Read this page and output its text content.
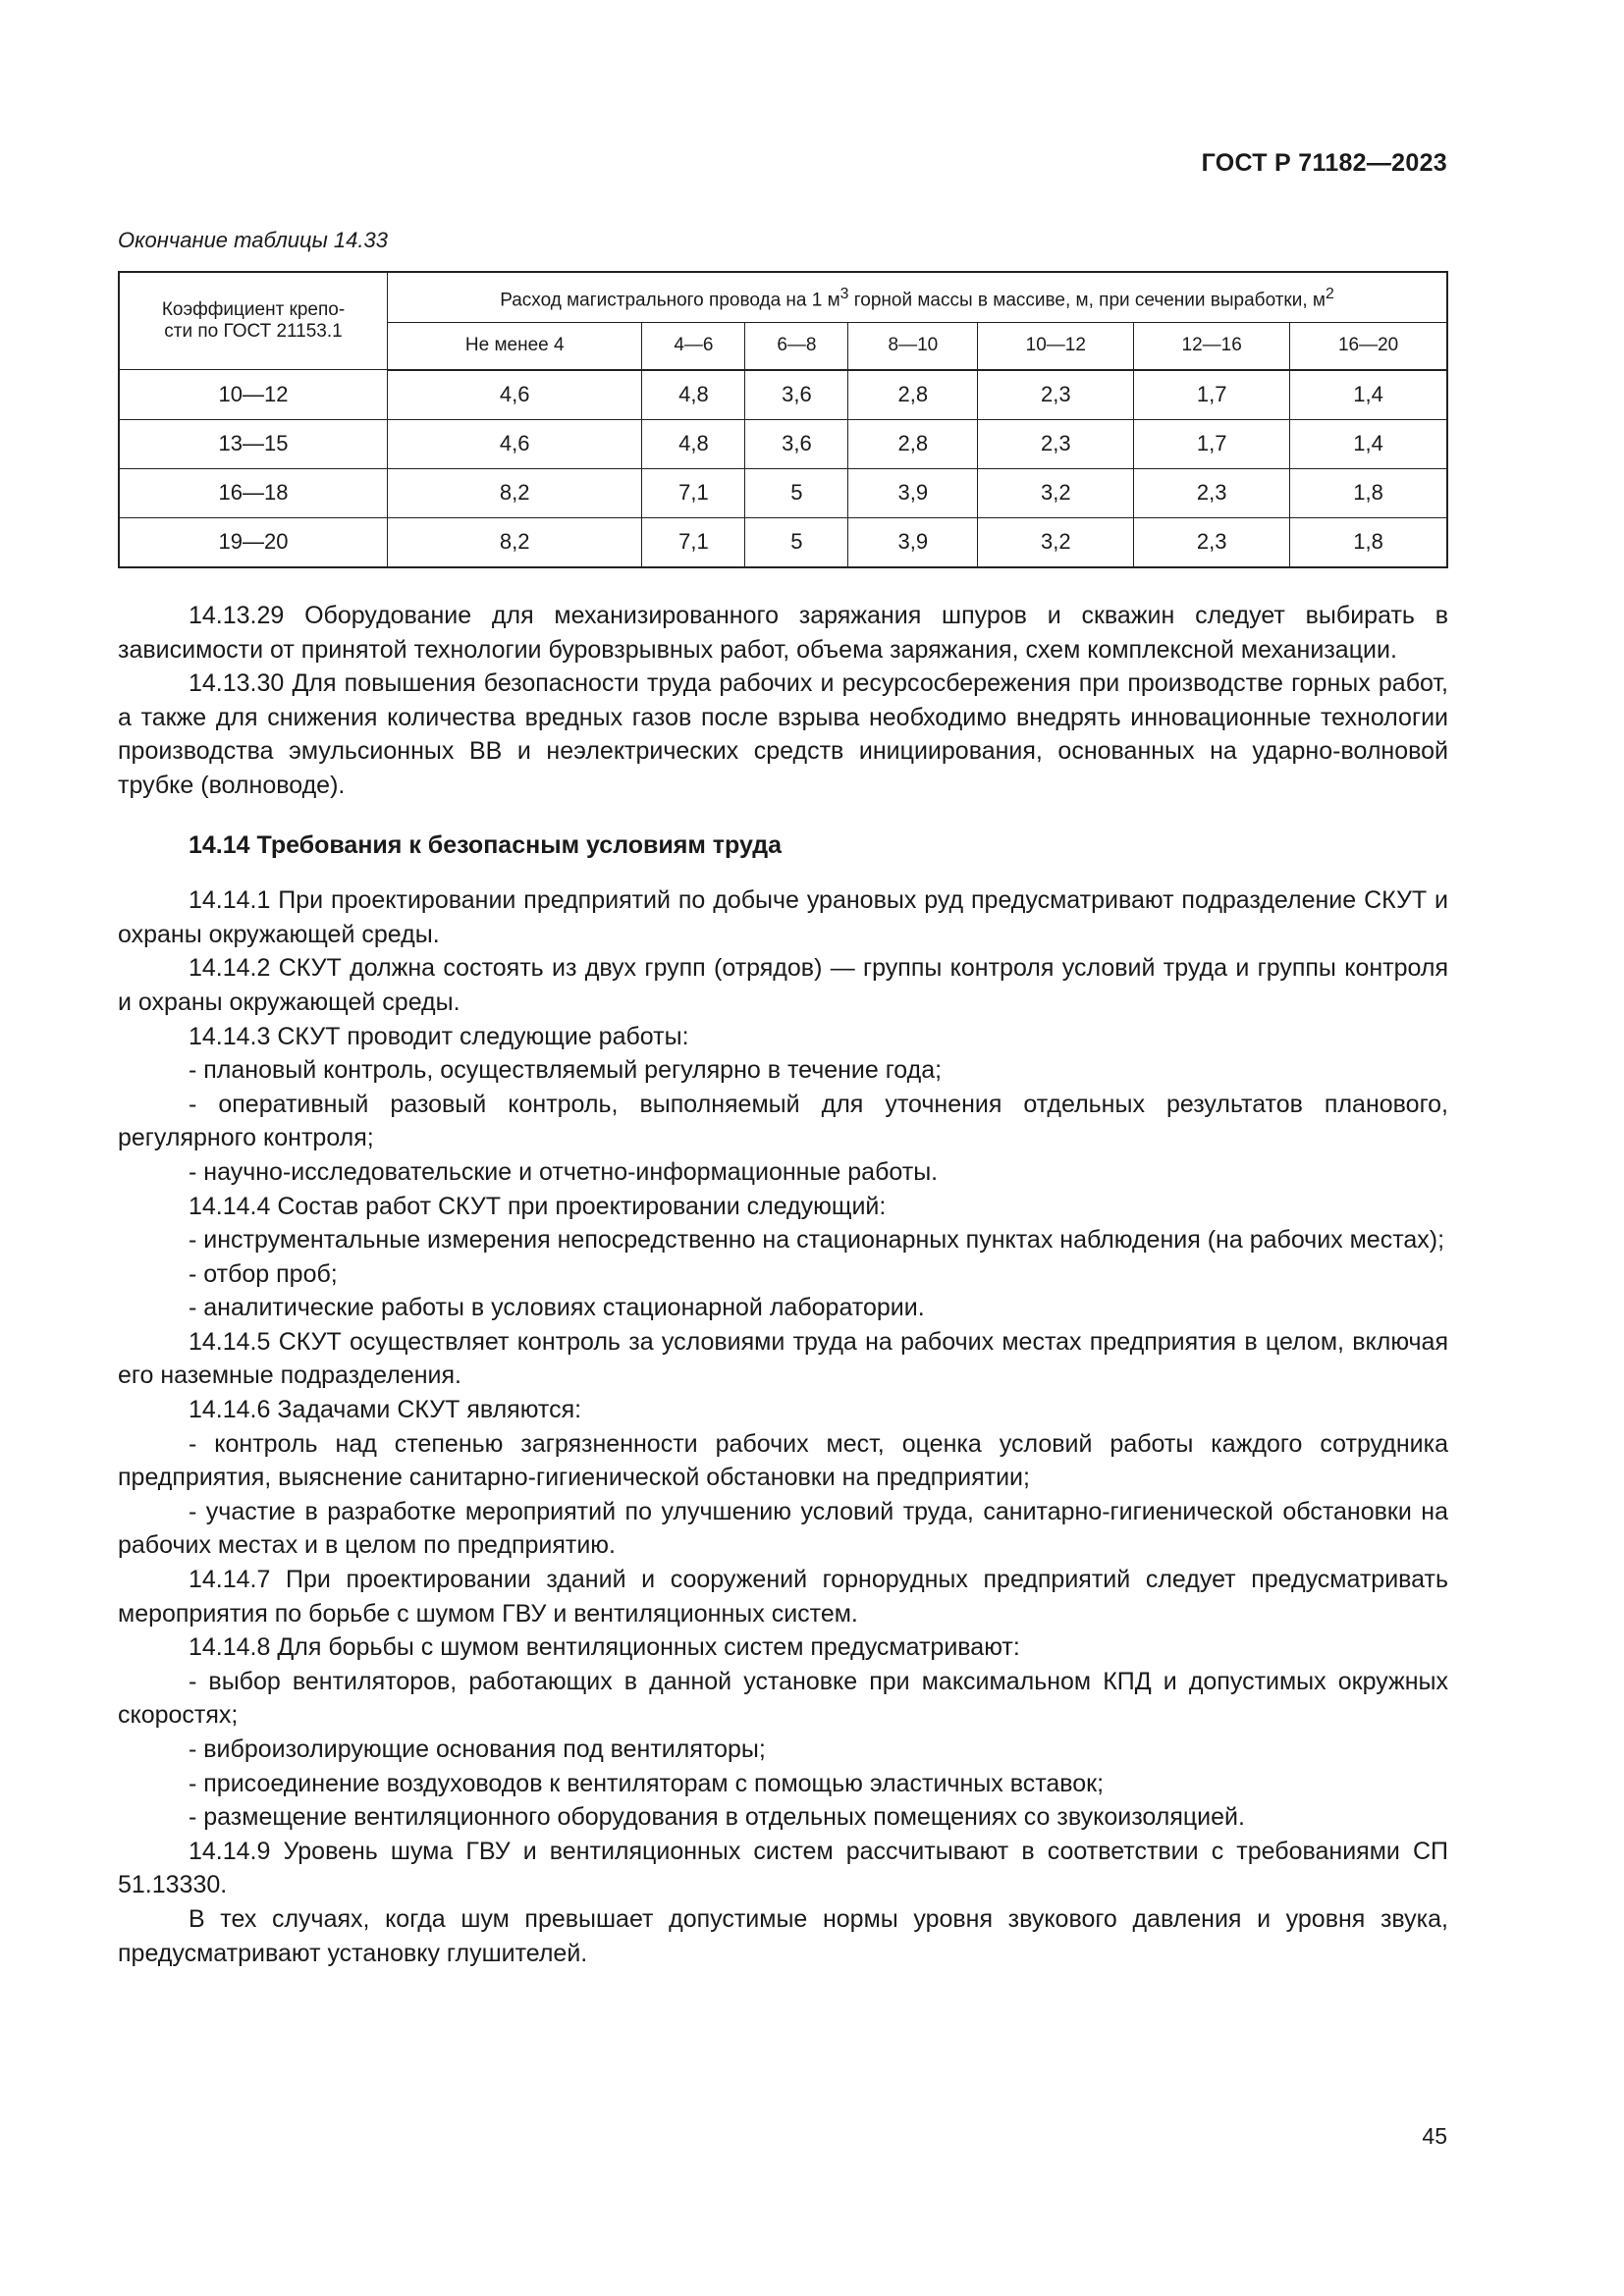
ГОСТ Р 71182—2023
Окончание таблицы 14.33
Коэффициент крепо-
сти по ГОСТ 21153.1	Расход магистрального провода на 1 $м^3$ горной массы в массиве, м, при сечении выработки, $м^2$
	Не менее 4	4—6	6—8	8—10	10—12	12—16	16—20
10—12	4,6	4,8	3,6	2,8	2,3	1,7	1,4
13—15	4,6	4,8	3,6	2,8	2,3	1,7	1,4
16—18	8,2	7,1	5	3,9	3,2	2,3	1,8
19—20	8,2	7,1	5	3,9	3,2	2,3	1,8

14.13.29 Оборудование для механизированного заряжания шпуров и скважин следует выбирать в зависимости от принятой технологии буровзрывных работ, объема заряжания, схем комплексной механизации.

14.13.30 Для повышения безопасности труда рабочих и ресурсосбережения при производстве горных работ, а также для снижения количества вредных газов после взрыва необходимо внедрять инновационные технологии производства эмульсионных ВВ и неэлектрических средств инициирования, основанных на ударно-волновой трубке (волноводе).

14.14 Требования к безопасным условиям труда

14.14.1 При проектировании предприятий по добыче урановых руд предусматривают подразделение СКУТ и охраны окружающей среды.

14.14.2 СКУТ должна состоять из двух групп (отрядов) — группы контроля условий труда и группы контроля и охраны окружающей среды.

14.14.3 СКУТ проводит следующие работы:

- плановый контроль, осуществляемый регулярно в течение года;

- оперативный разовый контроль, выполняемый для уточнения отдельных результатов планового, регулярного контроля;

- научно-исследовательские и отчетно-информационные работы.

14.14.4 Состав работ СКУТ при проектировании следующий:

- инструментальные измерения непосредственно на стационарных пунктах наблюдения (на рабочих местах);

- отбор проб;

- аналитические работы в условиях стационарной лаборатории.

14.14.5 СКУТ осуществляет контроль за условиями труда на рабочих местах предприятия в целом, включая его наземные подразделения.

14.14.6 Задачами СКУТ являются:

- контроль над степенью загрязненности рабочих мест, оценка условий работы каждого сотрудника предприятия, выяснение санитарно-гигиенической обстановки на предприятии;

- участие в разработке мероприятий по улучшению условий труда, санитарно-гигиенической обстановки на рабочих местах и в целом по предприятию.

14.14.7 При проектировании зданий и сооружений горнорудных предприятий следует предусматривать мероприятия по борьбе с шумом ГВУ и вентиляционных систем.

14.14.8 Для борьбы с шумом вентиляционных систем предусматривают:

- выбор вентиляторов, работающих в данной установке при максимальном КПД и допустимых окружных скоростях;

- виброизолирующие основания под вентиляторы;

- присоединение воздуховодов к вентиляторам с помощью эластичных вставок;

- размещение вентиляционного оборудования в отдельных помещениях со звукоизоляцией.

14.14.9 Уровень шума ГВУ и вентиляционных систем рассчитывают в соответствии с требованиями СП 51.13330.

В тех случаях, когда шум превышает допустимые нормы уровня звукового давления и уровня звука, предусматривают установку глушителей.

45
